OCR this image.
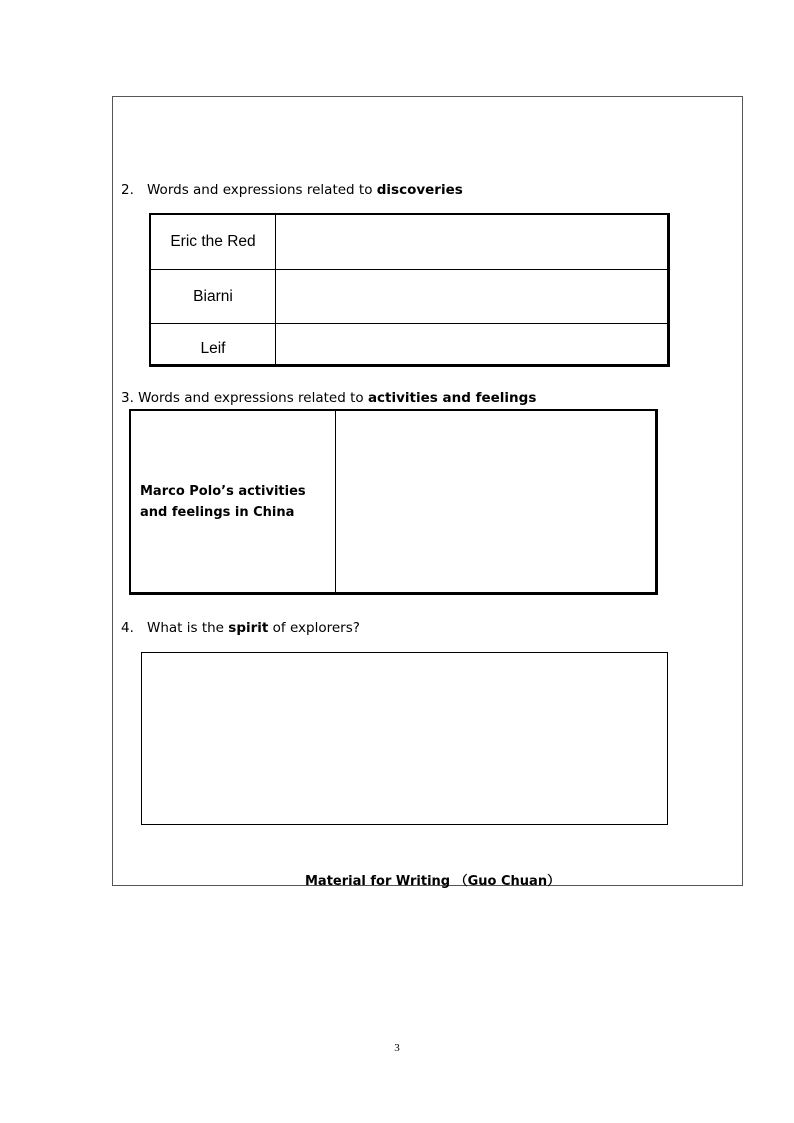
2. Words and expressions related to discoveries
Eric the Red
Biarni
Leif
3. Words and expressions related to activities and feelings
Marco Polo’s activities
and feelings in China
4. What is the spirit of explorers?
Material for Writing （Guo Chuan）
3
